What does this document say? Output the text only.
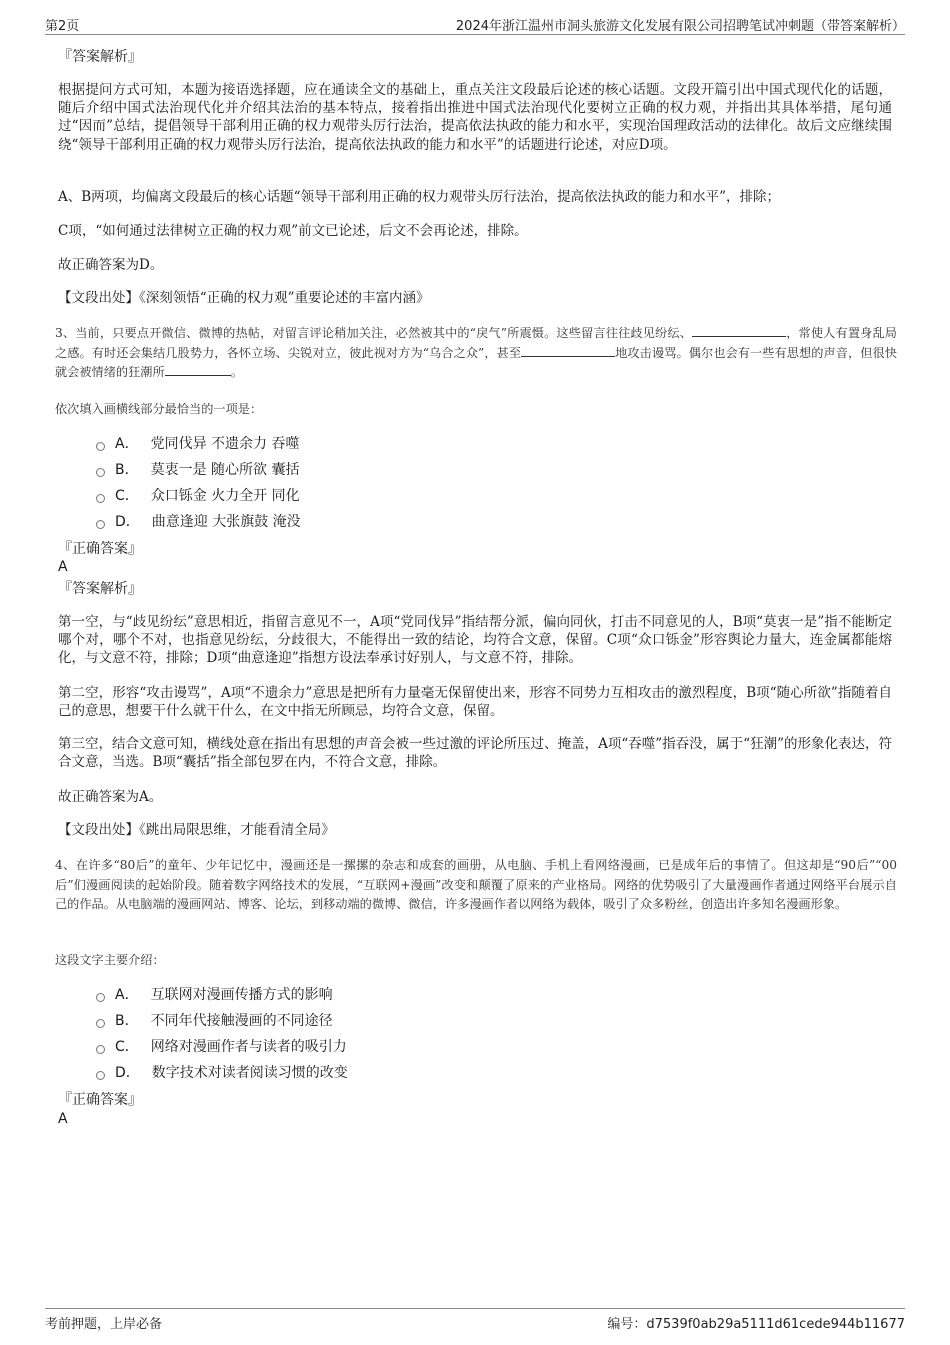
第2页	2024年浙江温州市洞头旅游文化发展有限公司招聘笔试冲刺题（带答案解析）
『答案解析』
根据提问方式可知，本题为接语选择题，应在通读全文的基础上，重点关注文段最后论述的核心话题。文段开篇引出中国式现代化的话题，随后介绍中国式法治现代化并介绍其法治的基本特点，接着指出推进中国式法治现代化要树立正确的权力观，并指出其具体举措，尾句通过“因而”总结，提倡领导干部利用正确的权力观带头厉行法治，提高依法执政的能力和水平，实现治国理政活动的法律化。故后文应继续围绕“领导干部利用正确的权力观带头厉行法治，提高依法执政的能力和水平”的话题进行论述，对应D项。
A、B两项，均偏离文段最后的核心话题“领导干部利用正确的权力观带头厉行法治，提高依法执政的能力和水平”，排除；
C项，“如何通过法律树立正确的权力观”前文已论述，后文不会再论述，排除。
故正确答案为D。
【文段出处】《深刻领悟“正确的权力观”重要论述的丰富内涵》
3、当前，只要点开微信、微博的热帖，对留言评论稍加关注，必然被其中的“戾气”所震慑。这些留言往往歧见纷纭、	，常使人有置身乱局之感。有时还会集结几股势力，各怀立场、尖锐对立，彼此视对方为“乌合之众”，甚至	地攻击谩骂。偶尔也会有一些有思想的声音，但很快就会被情绪的狂潮所	。
依次填入画横线部分最恰当的一项是：
A． 党同伐异 不遗余力 吞噬
B． 莫衷一是 随心所欲 囊括
C． 众口铄金 火力全开 同化
D． 曲意逢迎 大张旗鼓 淹没
『正确答案』
A
『答案解析』
第一空，与“歧见纷纭”意思相近，指留言意见不一，A项“党同伐异”指结帮分派，偏向同伙，打击不同意见的人，B项“莫衷一是”指不能断定哪个对，哪个不对，也指意见纷纭，分歧很大，不能得出一致的结论，均符合文意，保留。C项“众口铄金”形容舆论力量大，连金属都能熔化，与文意不符，排除；D项“曲意逢迎”指想方设法奉承讨好别人，与文意不符，排除。
第二空，形容“攻击谩骂”，A项“不遗余力”意思是把所有力量毫无保留使出来，形容不同势力互相攻击的激烈程度，B项“随心所欲”指随着自己的意思，想要干什么就干什么，在文中指无所顾忌，均符合文意，保留。
第三空，结合文意可知，横线处意在指出有思想的声音会被一些过激的评论所压过、掩盖，A项“吞噬”指吞没，属于“狂潮”的形象化表达，符合文意，当选。B项“囊括”指全部包罗在内，不符合文意，排除。
故正确答案为A。
【文段出处】《跳出局限思维，才能看清全局》
4、在许多“80后”的童年、少年记忆中，漫画还是一摞摞的杂志和成套的画册，从电脑、手机上看网络漫画，已是成年后的事情了。但这却是“90后”“00后”们漫画阅读的起始阶段。随着数字网络技术的发展，“互联网+漫画”改变和颠覆了原来的产业格局。网络的优势吸引了大量漫画作者通过网络平台展示自己的作品。从电脑端的漫画网站、博客、论坛，到移动端的微博、微信，许多漫画作者以网络为载体，吸引了众多粉丝，创造出许多知名漫画形象。
这段文字主要介绍：
A． 互联网对漫画传播方式的影响
B． 不同年代接触漫画的不同途径
C． 网络对漫画作者与读者的吸引力
D． 数字技术对读者阅读习惯的改变
『正确答案』
A
考前押题，上岸必备	编号：d7539f0ab29a5111d61cede944b11677
